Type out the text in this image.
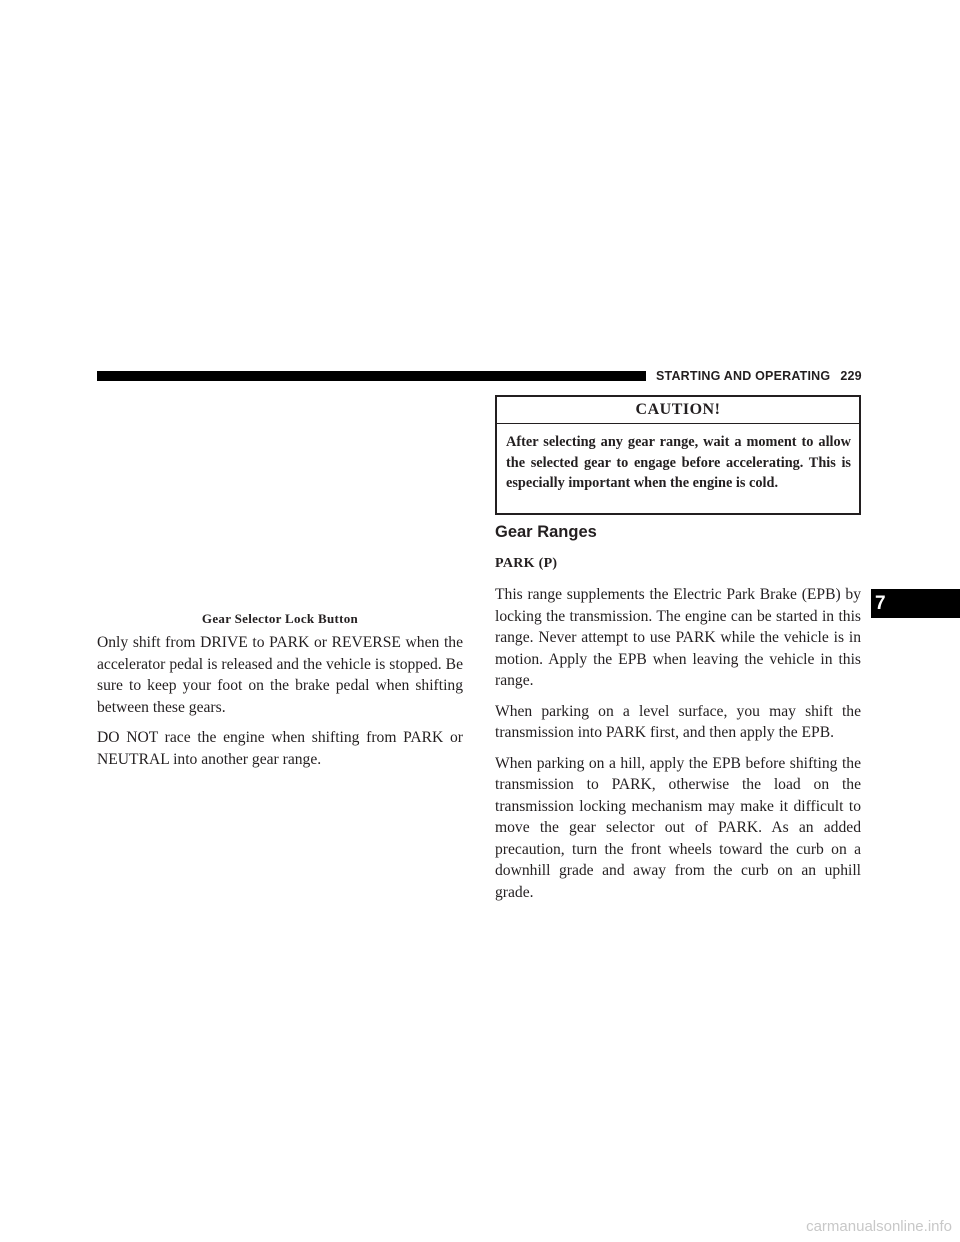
STARTING AND OPERATING 229
7
Gear Selector Lock Button

Only shift from DRIVE to PARK or REVERSE when the accelerator pedal is released and the vehicle is stopped. Be sure to keep your foot on the brake pedal when shifting between these gears.

DO NOT race the engine when shifting from PARK or NEUTRAL into another gear range.

CAUTION!
After selecting any gear range, wait a moment to allow the selected gear to engage before accelerating. This is especially important when the engine is cold.
Gear Ranges
PARK (P)

This range supplements the Electric Park Brake (EPB) by locking the transmission. The engine can be started in this range. Never attempt to use PARK while the vehicle is in motion. Apply the EPB when leaving the vehicle in this range.

When parking on a level surface, you may shift the transmission into PARK first, and then apply the EPB.

When parking on a hill, apply the EPB before shifting the transmission to PARK, otherwise the load on the transmission locking mechanism may make it difficult to move the gear selector out of PARK. As an added precaution, turn the front wheels toward the curb on a downhill grade and away from the curb on an uphill grade.

carmanualsonline.info
